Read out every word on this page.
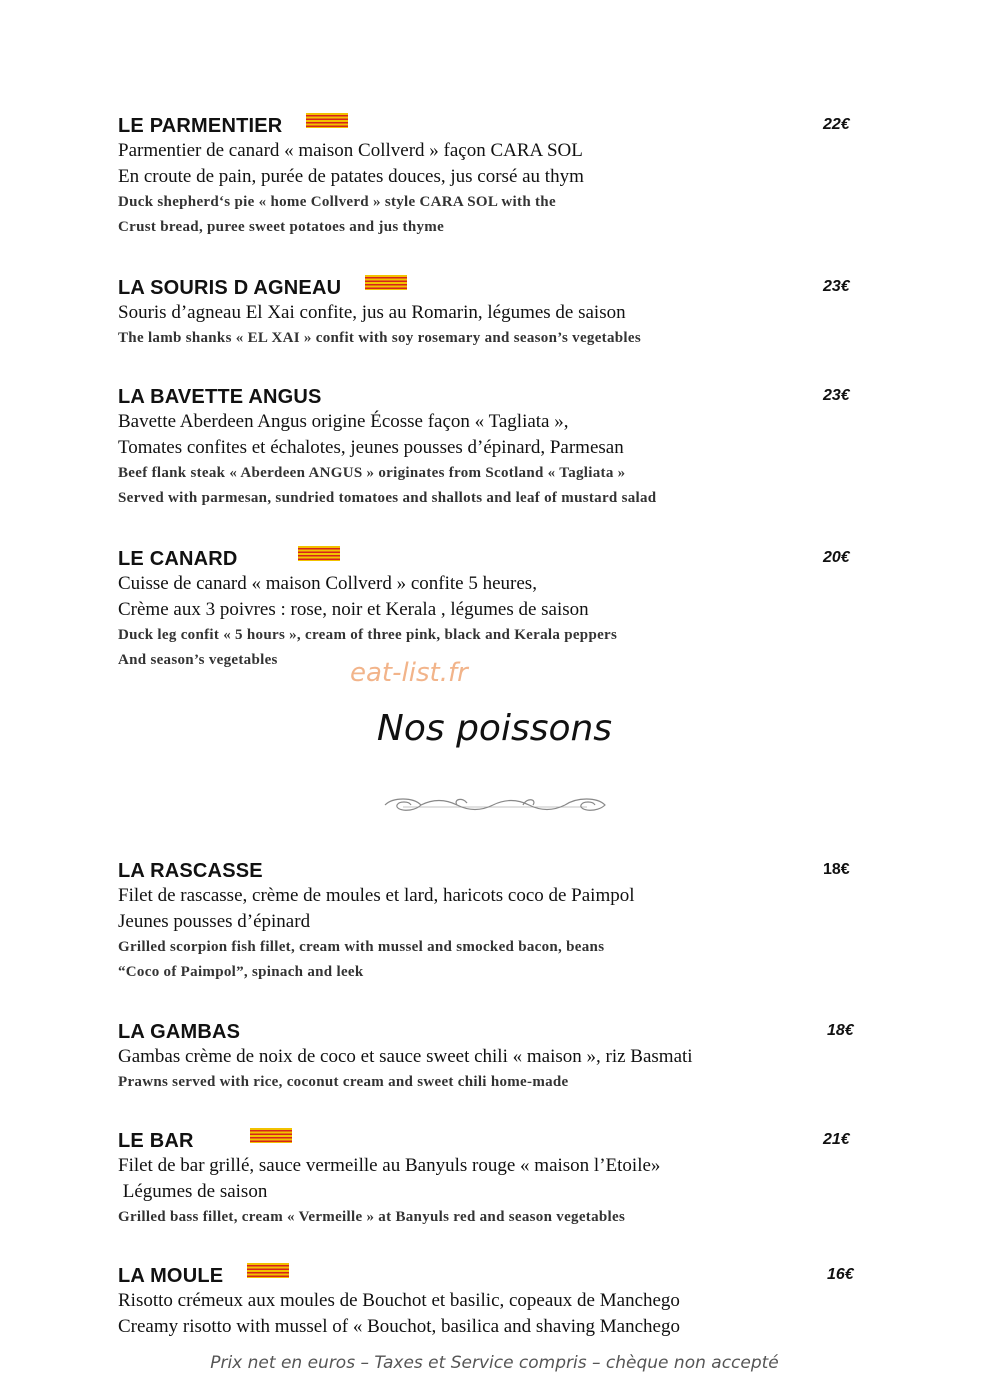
LE PARMENTIER	22€

Parmentier de canard « maison Collverd » façon CARA SOL

En croute de pain, purée de patates douces, jus corsé au thym

Duck shepherd‘s pie « home Collverd » style CARA SOL with the

Crust bread, puree sweet potatoes and jus thyme

LA SOURIS D AGNEAU	23€

Souris d’agneau El Xai confite, jus au Romarin, légumes de saison

The lamb shanks « EL XAI » confit with soy rosemary and season’s vegetables

LA BAVETTE ANGUS	23€

Bavette Aberdeen Angus origine Écosse façon « Tagliata »,

Tomates confites et échalotes, jeunes pousses d’épinard, Parmesan

Beef flank steak « Aberdeen ANGUS » originates from Scotland « Tagliata »

Served with parmesan, sundried tomatoes and shallots and leaf of mustard salad

LE CANARD	20€

Cuisse de canard « maison Collverd » confite 5 heures,

Crème aux 3 poivres : rose, noir et Kerala , légumes de saison

Duck leg confit « 5 hours », cream of three pink, black and Kerala peppers

And season’s vegetables	eat-list.fr
Nos poissons
LA RASCASSE	18€

Filet de rascasse, crème de moules et lard, haricots coco de Paimpol

Jeunes pousses d’épinard

Grilled scorpion fish fillet, cream with mussel and smocked bacon, beans

“Coco of Paimpol”, spinach and leek

LA GAMBAS	18€

Gambas crème de noix de coco et sauce sweet chili « maison », riz Basmati

Prawns served with rice, coconut cream and sweet chili home-made

LE BAR	21€

Filet de bar grillé, sauce vermeille au Banyuls rouge « maison l’Etoile»

Légumes de saison

Grilled bass fillet, cream « Vermeille » at Banyuls red and season vegetables

LA MOULE	16€

Risotto crémeux aux moules de Bouchot et basilic, copeaux de Manchego

Creamy risotto with mussel of « Bouchot, basilica and shaving Manchego

Prix net en euros – Taxes et Service compris – chèque non accepté
